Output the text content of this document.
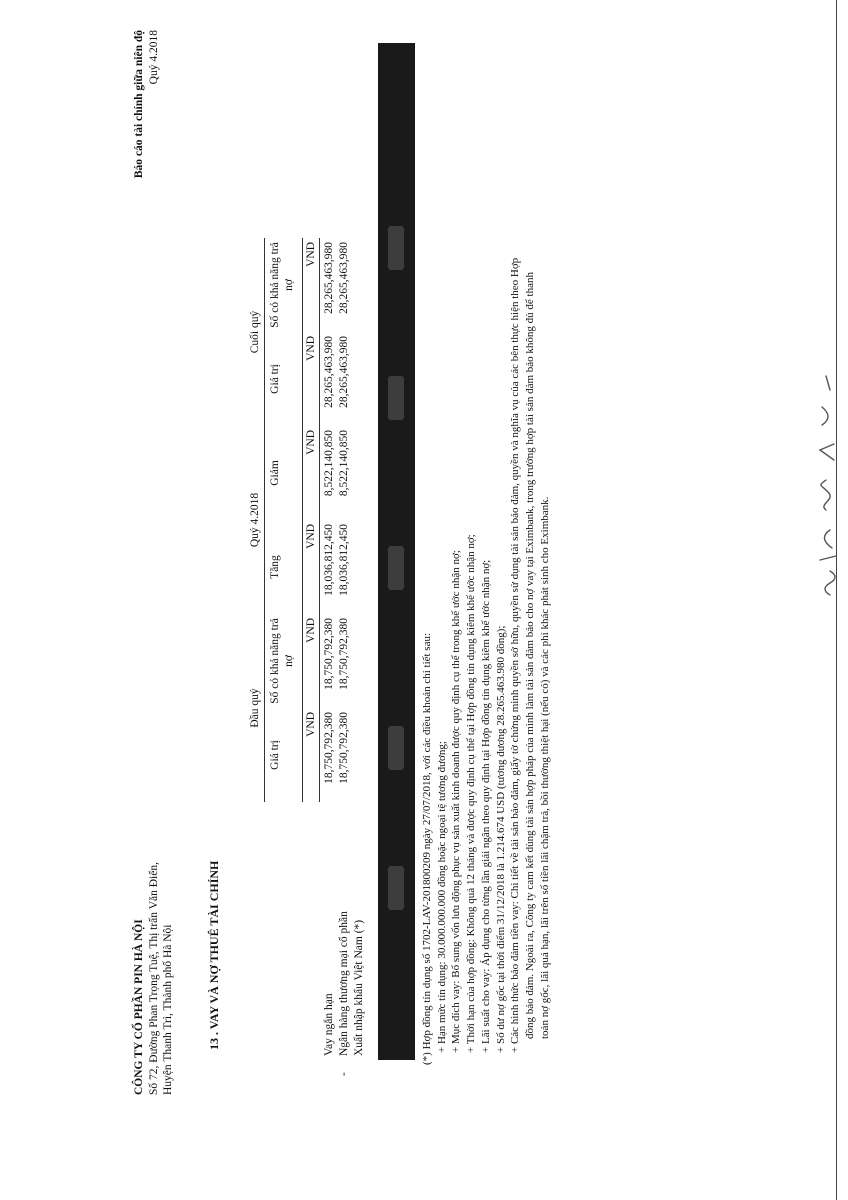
CÔNG TY CỔ PHẦN PIN HÀ NỘI Số 72, Đường Phan Trọng Tuệ, Thị trấn Văn Điển, Huyện Thanh Trì, Thành phố Hà Nội
Báo cáo tài chính giữa niên độ Quý 4.2018
13 . VAY VÀ NỢ THUÊ TÀI CHÍNH
	Đầu quý		Quý 4.2018		Cuối quý	
	Giá trị	Số có khả năng trả nợ	Tăng	Giảm	Giá trị	Số có khả năng trả nợ
	VND	VND	VND	VND	VND	VND
Vay ngắn hạn	18,750,792,380	18,750,792,380	18,036,812,450	8,522,140,850	28,265,463,980	28,265,463,980

-
Ngân hàng thương mại cổ phần Xuất nhập khẩu Việt Nam (*)	18,750,792,380	18,750,792,380	18,036,812,450	8,522,140,850	28,265,463,980	28,265,463,980

(*) Hợp đồng tín dụng số 1702-LAV-201800209 ngày 27/07/2018, với các điều khoản chi tiết sau: + Hạn mức tín dụng: 30.000.000.000 đồng hoặc ngoại tệ tương đương; + Mục đích vay: Bổ sung vốn lưu động phục vụ sản xuất kinh doanh được quy định cụ thể trong khế ước nhận nợ; + Thời hạn của hợp đồng: Không quá 12 tháng và được quy định cụ thể tại Hợp đồng tín dụng kiêm khế ước nhận nợ; + Lãi suất cho vay: Áp dụng cho từng lần giải ngân theo quy định tại Hợp đồng tín dụng kiêm khế ước nhận nợ; + Số dư nợ gốc tại thời điểm 31/12/2018 là 1.214.674 USD (tương đương 28.265.463.980 đồng); + Các hình thức bảo đảm tiền vay: Chi tiết về tài sản bảo đảm, giấy tờ chứng minh quyền sở hữu, quyền sử dụng tài sản bảo đảm, quyền và nghĩa vụ của các bên thực hiện theo Hợp đồng bảo đảm. Ngoài ra, Công ty cam kết dùng tài sản hợp pháp của mình làm tài sản đảm bảo cho nợ vay tại Eximbank, trong trường hợp tài sản đảm bảo không đủ để thanh toán nợ gốc, lãi quá hạn, lãi trên số tiền lãi chậm trả, bồi thường thiệt hại (nếu có) và các phí khác phát sinh cho Eximbank.
